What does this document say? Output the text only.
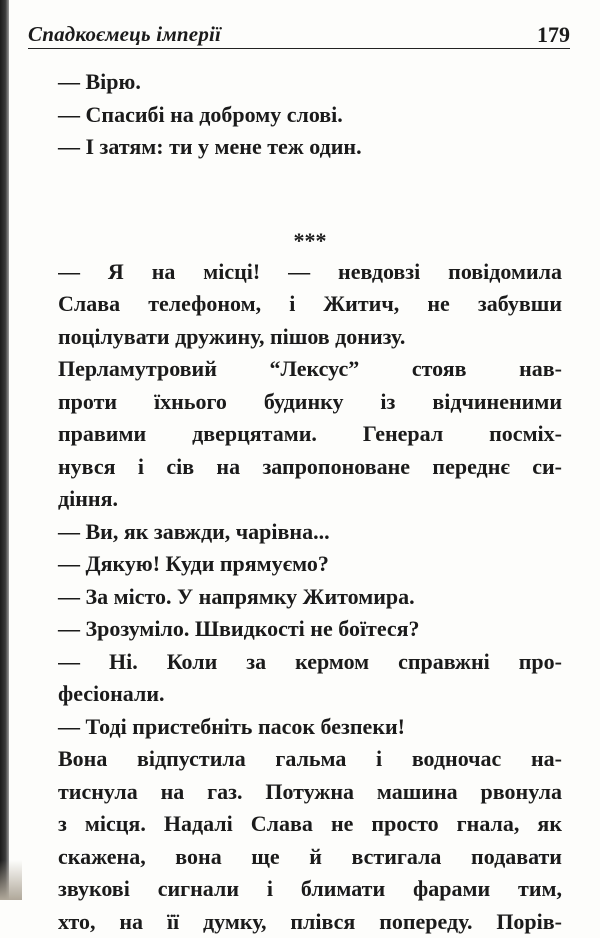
Спадкоємець імперії	179
— Вірю.
— Спасибі на доброму слові.
— І затям: ти у мене теж один.
***
— Я на місці! — невдовзі повідомила
Слава телефоном, і Житич, не забувши
поцілувати дружину, пішов донизу.
Перламутровий “Лексус” стояв нав-
проти їхнього будинку із відчиненими
правими дверцятами. Генерал посміх-
нувся і сів на запропоноване переднє си-
діння.
— Ви, як завжди, чарівна...
— Дякую! Куди прямуємо?
— За місто. У напрямку Житомира.
— Зрозуміло. Швидкості не боїтеся?
— Ні. Коли за кермом справжні про-
фесіонали.
— Тоді пристебніть пасок безпеки!
Вона відпустила гальма і водночас на-
тиснула на газ. Потужна машина рвонула
з місця. Надалі Слава не просто гнала, як
скажена, вона ще й встигала подавати
звукові сигнали і блимати фарами тим,
хто, на її думку, плівся попереду. Порів-
